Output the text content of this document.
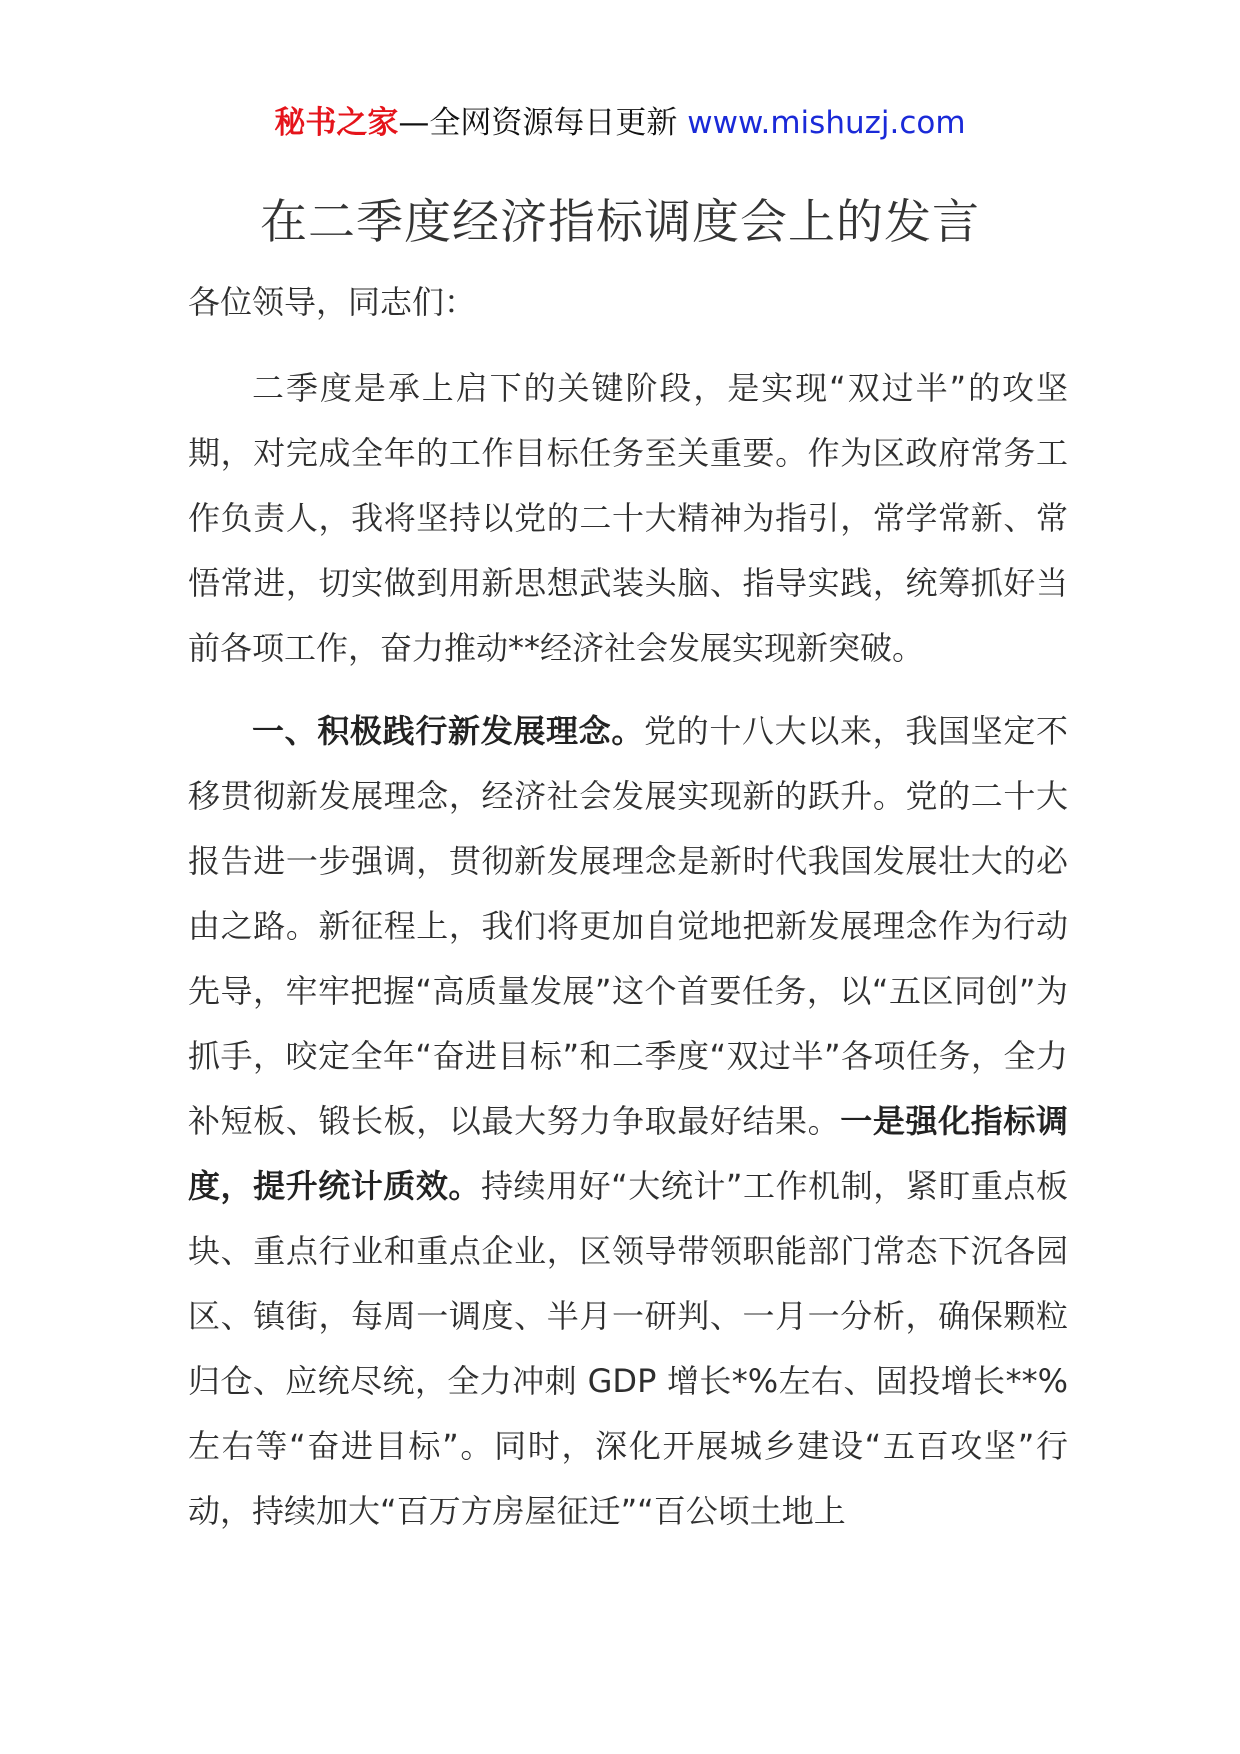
秘书之家—全网资源每日更新 www.mishuzj.com
在二季度经济指标调度会上的发言

各位领导，同志们：

二季度是承上启下的关键阶段，是实现“双过半”的攻坚期，对完成全年的工作目标任务至关重要。作为区政府常务工作负责人，我将坚持以党的二十大精神为指引，常学常新、常悟常进，切实做到用新思想武装头脑、指导实践，统筹抓好当前各项工作，奋力推动**经济社会发展实现新突破。

一、积极践行新发展理念。党的十八大以来，我国坚定不移贯彻新发展理念，经济社会发展实现新的跃升。党的二十大报告进一步强调，贯彻新发展理念是新时代我国发展壮大的必由之路。新征程上，我们将更加自觉地把新发展理念作为行动先导，牢牢把握“高质量发展”这个首要任务，以“五区同创”为抓手，咬定全年“奋进目标”和二季度“双过半”各项任务，全力补短板、锻长板，以最大努力争取最好结果。一是强化指标调度，提升统计质效。持续用好“大统计”工作机制，紧盯重点板块、重点行业和重点企业，区领导带领职能部门常态下沉各园区、镇街，每周一调度、半月一研判、一月一分析，确保颗粒归仓、应统尽统，全力冲刺 GDP 增长*%左右、固投增长**%左右等“奋进目标”。同时，深化开展城乡建设“五百攻坚”行动，持续加大“百万方房屋征迁”“百公顷土地上
